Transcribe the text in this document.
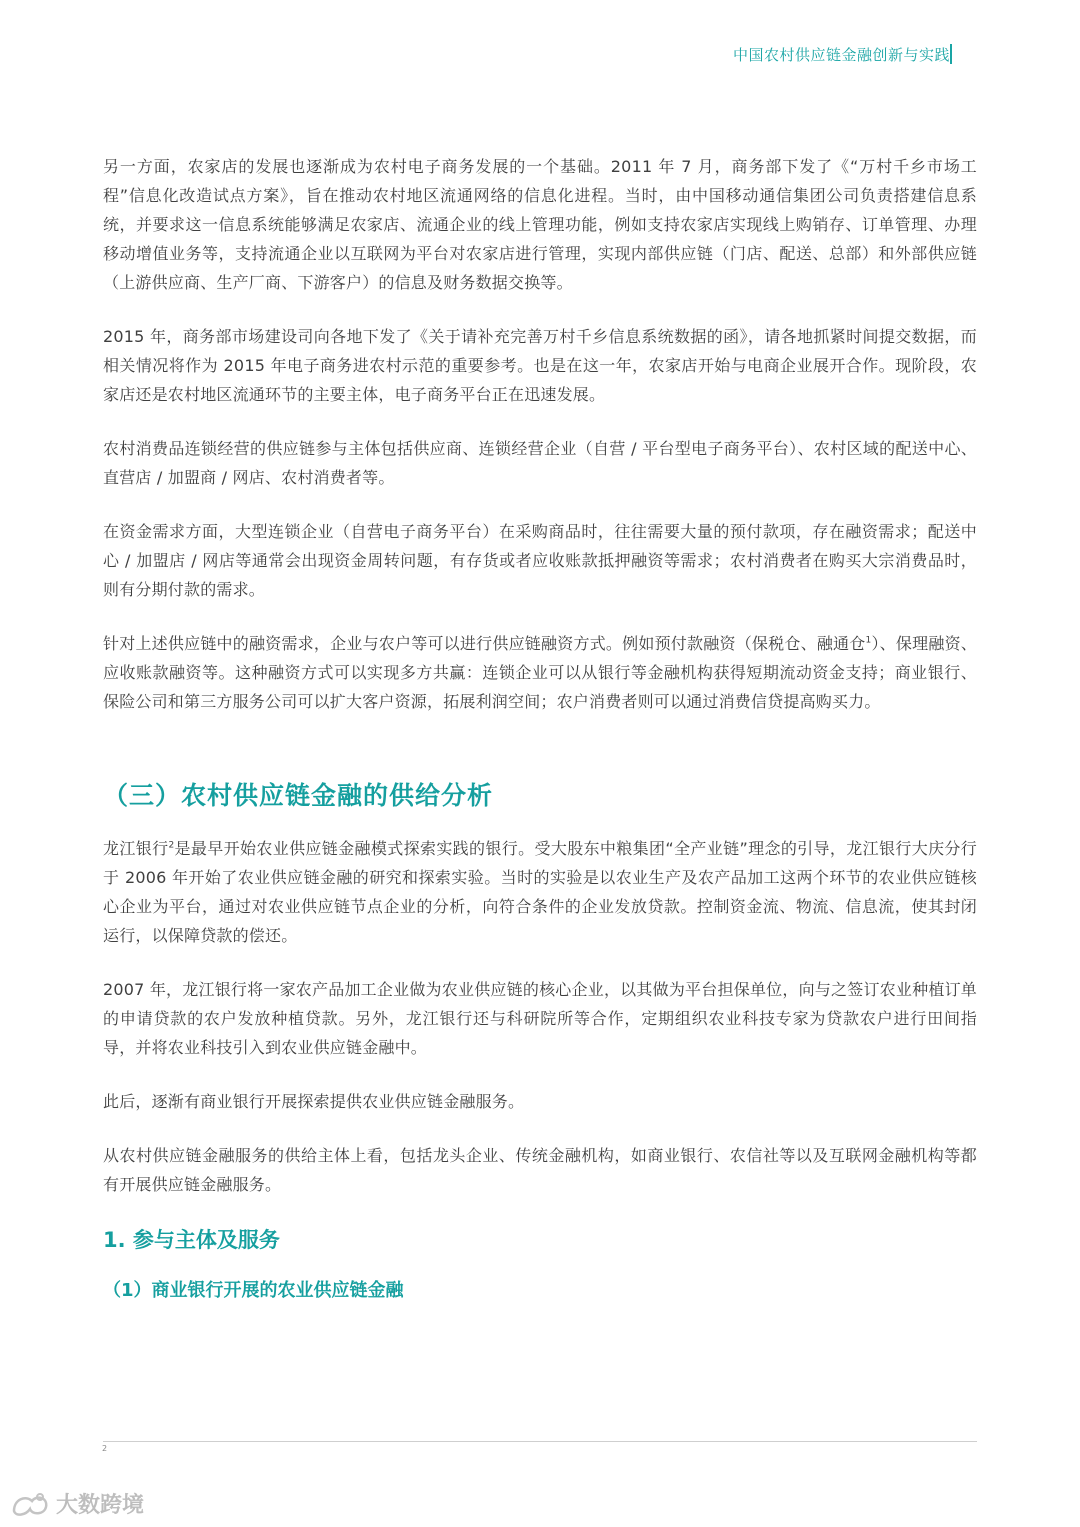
中国农村供应链金融创新与实践

另一方面，农家店的发展也逐渐成为农村电子商务发展的一个基础。2011 年 7 月，商务部下发了《“万村千乡市场工程”信息化改造试点方案》，旨在推动农村地区流通网络的信息化进程。当时，由中国移动通信集团公司负责搭建信息系统，并要求这一信息系统能够满足农家店、流通企业的线上管理功能，例如支持农家店实现线上购销存、订单管理、办理移动增值业务等，支持流通企业以互联网为平台对农家店进行管理，实现内部供应链（门店、配送、总部）和外部供应链（上游供应商、生产厂商、下游客户）的信息及财务数据交换等。

2015 年，商务部市场建设司向各地下发了《关于请补充完善万村千乡信息系统数据的函》，请各地抓紧时间提交数据，而相关情况将作为 2015 年电子商务进农村示范的重要参考。也是在这一年，农家店开始与电商企业展开合作。现阶段，农家店还是农村地区流通环节的主要主体，电子商务平台正在迅速发展。

农村消费品连锁经营的供应链参与主体包括供应商、连锁经营企业（自营 / 平台型电子商务平台）、农村区域的配送中心、直营店 / 加盟商 / 网店、农村消费者等。

在资金需求方面，大型连锁企业（自营电子商务平台）在采购商品时，往往需要大量的预付款项，存在融资需求；配送中心 / 加盟店 / 网店等通常会出现资金周转问题，有存货或者应收账款抵押融资等需求；农村消费者在购买大宗消费品时，则有分期付款的需求。

针对上述供应链中的融资需求，企业与农户等可以进行供应链融资方式。例如预付款融资（保税仓、融通仓$^1$）、保理融资、应收账款融资等。这种融资方式可以实现多方共赢：连锁企业可以从银行等金融机构获得短期流动资金支持；商业银行、保险公司和第三方服务公司可以扩大客户资源，拓展利润空间；农户消费者则可以通过消费信贷提高购买力。

（三）农村供应链金融的供给分析

龙江银行$^2$是最早开始农业供应链金融模式探索实践的银行。受大股东中粮集团“全产业链”理念的引导，龙江银行大庆分行于 2006 年开始了农业供应链金融的研究和探索实验。当时的实验是以农业生产及农产品加工这两个环节的农业供应链核心企业为平台，通过对农业供应链节点企业的分析，向符合条件的企业发放贷款。控制资金流、物流、信息流，使其封闭运行，以保障贷款的偿还。

2007 年，龙江银行将一家农产品加工企业做为农业供应链的核心企业，以其做为平台担保单位，向与之签订农业种植订单的申请贷款的农户发放种植贷款。另外，龙江银行还与科研院所等合作，定期组织农业科技专家为贷款农户进行田间指导，并将农业科技引入到农业供应链金融中。

此后，逐渐有商业银行开展探索提供农业供应链金融服务。

从农村供应链金融服务的供给主体上看，包括龙头企业、传统金融机构，如商业银行、农信社等以及互联网金融机构等都有开展供应链金融服务。

1. 参与主体及服务
（1）商业银行开展的农业供应链金融
2
大数跨境
